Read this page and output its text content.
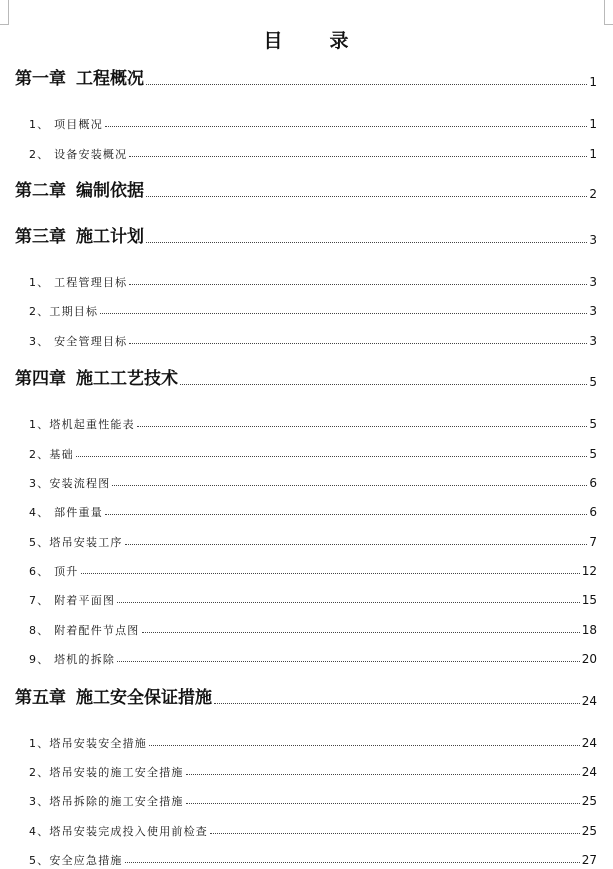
目 录
第一章 工程概况	1
1、 项目概况	1
2、 设备安装概况	1
第二章 编制依据	2
第三章 施工计划	3
1、 工程管理目标	3
2、工期目标	3
3、 安全管理目标	3
第四章 施工工艺技术	5
1、塔机起重性能表	5
2、基础	5
3、安装流程图	6
4、 部件重量	6
5、塔吊安装工序	7
6、 顶升	12
7、 附着平面图	15
8、 附着配件节点图	18
9、 塔机的拆除	20
第五章 施工安全保证措施	24
1、塔吊安装安全措施	24
2、塔吊安装的施工安全措施	24
3、塔吊拆除的施工安全措施	25
4、塔吊安装完成投入使用前检查	25
5、安全应急措施	27
